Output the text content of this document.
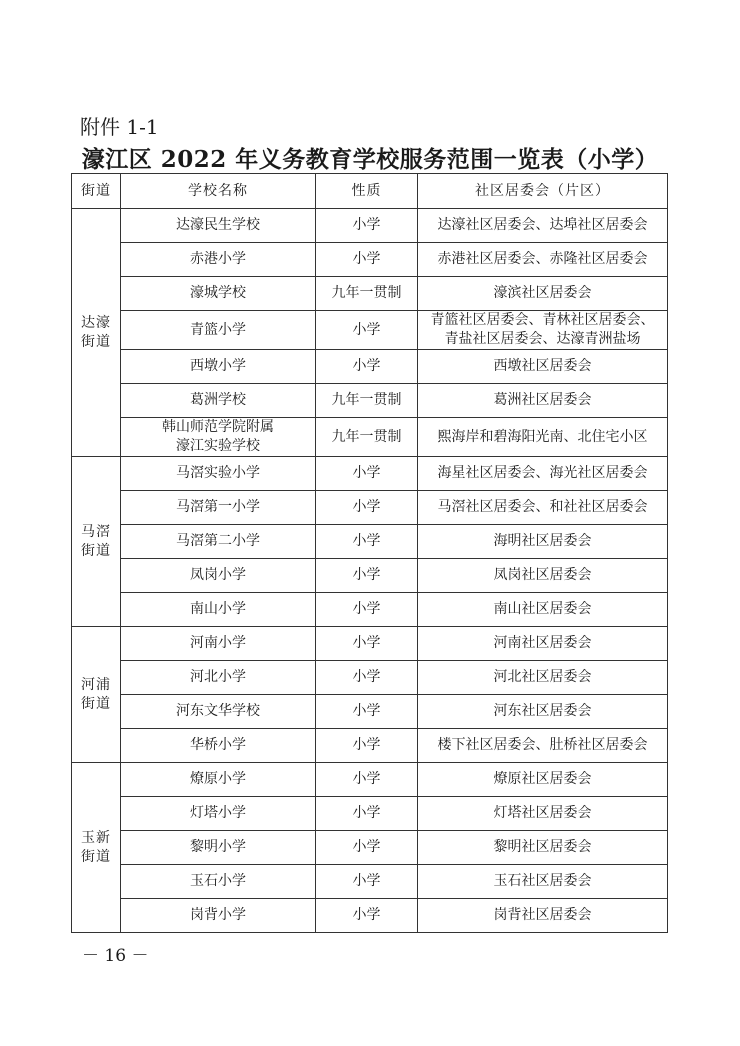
附件 1-1
濠江区 2022 年义务教育学校服务范围一览表（小学）
街道	学校名称	性质	社区居委会（片区）

达濠
街道	达濠民生学校	小学	达濠社区居委会、达埠社区居委会

	赤港小学	小学	赤港社区居委会、赤隆社区居委会

	濠城学校	九年一贯制	濠滨社区居委会

	青篮小学	小学	青篮社区居委会、青林社区居委会、
青盐社区居委会、达濠青洲盐场

	西墩小学	小学	西墩社区居委会

	葛洲学校	九年一贯制	葛洲社区居委会

	韩山师范学院附属
濠江实验学校	九年一贯制	熙海岸和碧海阳光南、北住宅小区

马滘
街道	马滘实验小学	小学	海星社区居委会、海光社区居委会

	马滘第一小学	小学	马滘社区居委会、和社社区居委会

	马滘第二小学	小学	海明社区居委会

	凤岗小学	小学	凤岗社区居委会

	南山小学	小学	南山社区居委会

河浦
街道	河南小学	小学	河南社区居委会

	河北小学	小学	河北社区居委会

	河东文华学校	小学	河东社区居委会

	华桥小学	小学	楼下社区居委会、肚桥社区居委会

玉新
街道	燎原小学	小学	燎原社区居委会

	灯塔小学	小学	灯塔社区居委会

	黎明小学	小学	黎明社区居委会

	玉石小学	小学	玉石社区居委会

	岗背小学	小学	岗背社区居委会
－ 16 －
